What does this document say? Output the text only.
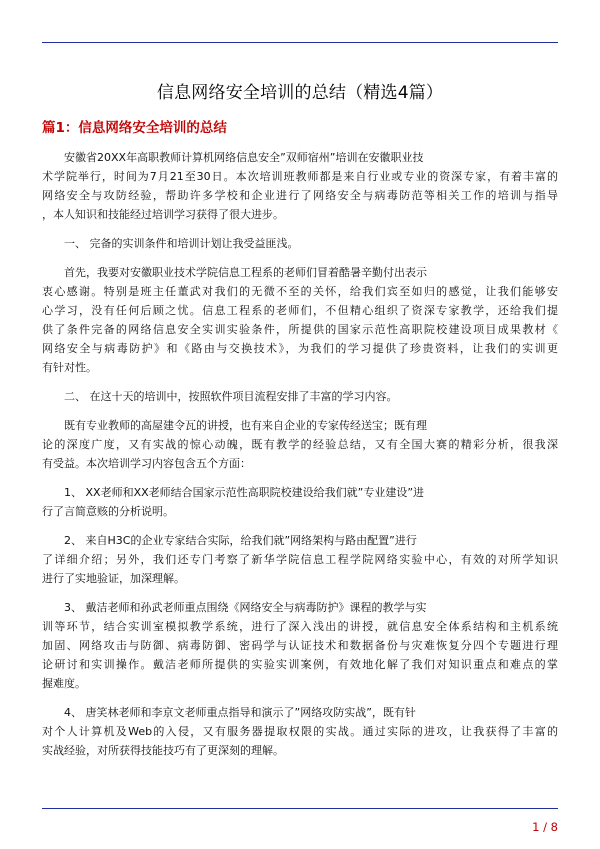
信息网络安全培训的总结（精选4篇）
篇1：信息网络安全培训的总结

安徽省20XX年高职教师计算机网络信息安全”双师宿州”培训在安徽职业技
术学院举行，时间为7月21至30日。本次培训班教师都是来自行业或专业的资深专家，有着丰富的
网络安全与攻防经验，帮助许多学校和企业进行了网络安全与病毒防范等相关工作的培训与指导
，本人知识和技能经过培训学习获得了很大进步。

一、 完备的实训条件和培训计划让我受益匪浅。

首先，我要对安徽职业技术学院信息工程系的老师们冒着酷暑辛勤付出表示
衷心感谢。特别是班主任董武对我们的无微不至的关怀，给我们宾至如归的感觉，让我们能够安
心学习，没有任何后顾之忧。信息工程系的老师们，不但精心组织了资深专家教学，还给我们提
供了条件完备的网络信息安全实训实验条件，所提供的国家示范性高职院校建设项目成果教材《
网络安全与病毒防护》和《路由与交换技术》，为我们的学习提供了珍贵资料，让我们的实训更
有针对性。

二、 在这十天的培训中，按照软件项目流程安排了丰富的学习内容。

既有专业教师的高屋建令瓦的讲授，也有来自企业的专家传经送宝；既有理
论的深度广度，又有实战的惊心动魄，既有教学的经验总结，又有全国大赛的精彩分析，很我深
有受益。本次培训学习内容包含五个方面：

1、 XX老师和XX老师结合国家示范性高职院校建设给我们就”专业建设”进
行了言简意赅的分析说明。

2、 来自H3C的企业专家结合实际，给我们就”网络架构与路由配置”进行
了详细介绍；另外，我们还专门考察了新华学院信息工程学院网络实验中心，有效的对所学知识
进行了实地验证，加深理解。

3、 戴洁老师和孙武老师重点围绕《网络安全与病毒防护》课程的教学与实
训等环节，结合实训室模拟教学系统，进行了深入浅出的讲授，就信息安全体系结构和主机系统
加固、网络攻击与防御、病毒防御、密码学与认证技术和数据备份与灾难恢复分四个专题进行理
论研讨和实训操作。戴洁老师所提供的实验实训案例，有效地化解了我们对知识重点和难点的掌
握难度。

4、 唐笑林老师和李京文老师重点指导和演示了”网络攻防实战”，既有针
对个人计算机及Web的入侵，又有服务器提取权限的实战。通过实际的进攻，让我获得了丰富的
实战经验，对所获得技能技巧有了更深刻的理解。

1 / 8
